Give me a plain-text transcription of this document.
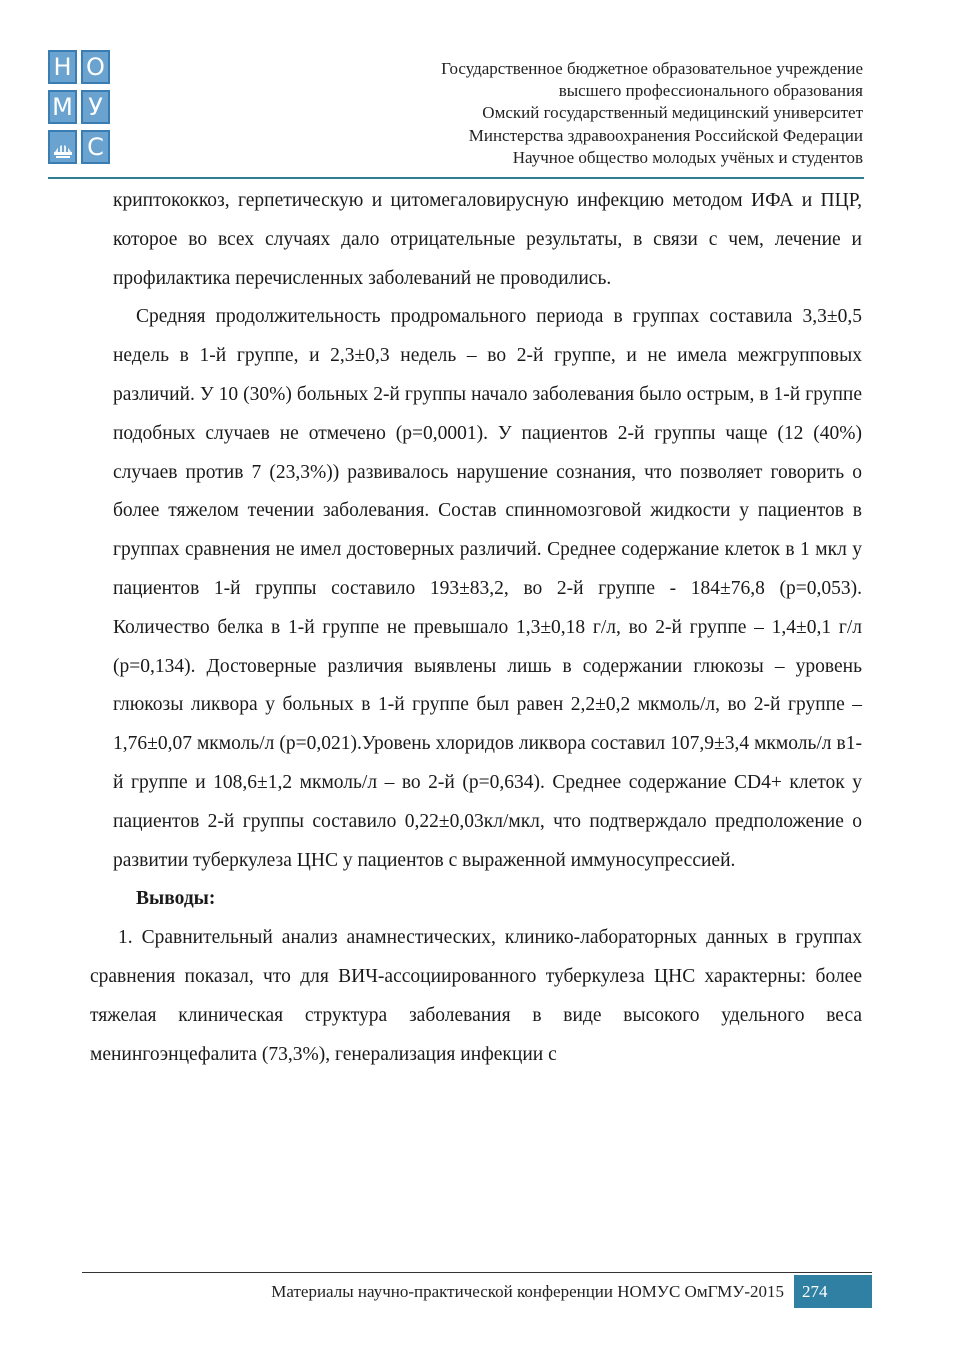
Н О
М У
С
Государственное бюджетное образовательное учреждение
высшего профессионального образования
Омский государственный медицинский университет
Минстерства здравоохранения Российской Федерации
Научное общество молодых учёных и студентов

криптококкоз, герпетическую и цитомегаловирусную инфекцию методом ИФА и ПЦР, которое во всех случаях дало отрицательные результаты, в связи с чем, лечение и профилактика перечисленных заболеваний не проводились.

Средняя продолжительность продромального периода в группах составила 3,3±0,5 недель в 1-й группе, и 2,3±0,3 недель – во 2-й группе, и не имела межгрупповых различий. У 10 (30%) больных 2-й группы начало заболевания было острым, в 1-й группе подобных случаев не отмечено (p=0,0001). У пациентов 2-й группы чаще (12 (40%) случаев против 7 (23,3%)) развивалось нарушение сознания, что позволяет говорить о более тяжелом течении заболевания. Состав спинномозговой жидкости у пациентов в группах сравнения не имел достоверных различий. Среднее содержание клеток в 1 мкл у пациентов 1-й группы составило 193±83,2, во 2-й группе - 184±76,8 (p=0,053). Количество белка в 1-й группе не превышало 1,3±0,18 г/л, во 2-й группе – 1,4±0,1 г/л (p=0,134). Достоверные различия выявлены лишь в содержании глюкозы – уровень глюкозы ликвора у больных в 1-й группе был равен 2,2±0,2 мкмоль/л, во 2-й группе – 1,76±0,07 мкмоль/л (p=0,021).Уровень хлоридов ликвора составил 107,9±3,4 мкмоль/л в1-й группе и 108,6±1,2 мкмоль/л – во 2-й (p=0,634). Среднее содержание CD4+ клеток у пациентов 2-й группы составило 0,22±0,03кл/мкл, что подтверждало предположение о развитии туберкулеза ЦНС у пациентов с выраженной иммуносупрессией.

Выводы:

1. Сравнительный анализ анамнестических, клинико-лабораторных данных в группах сравнения показал, что для ВИЧ-ассоциированного туберкулеза ЦНС характерны: более тяжелая клиническая структура заболевания в виде высокого удельного веса менингоэнцефалита (73,3%), генерализация инфекции с

Материалы научно-практической конференции НОМУС ОмГМУ-2015	274
